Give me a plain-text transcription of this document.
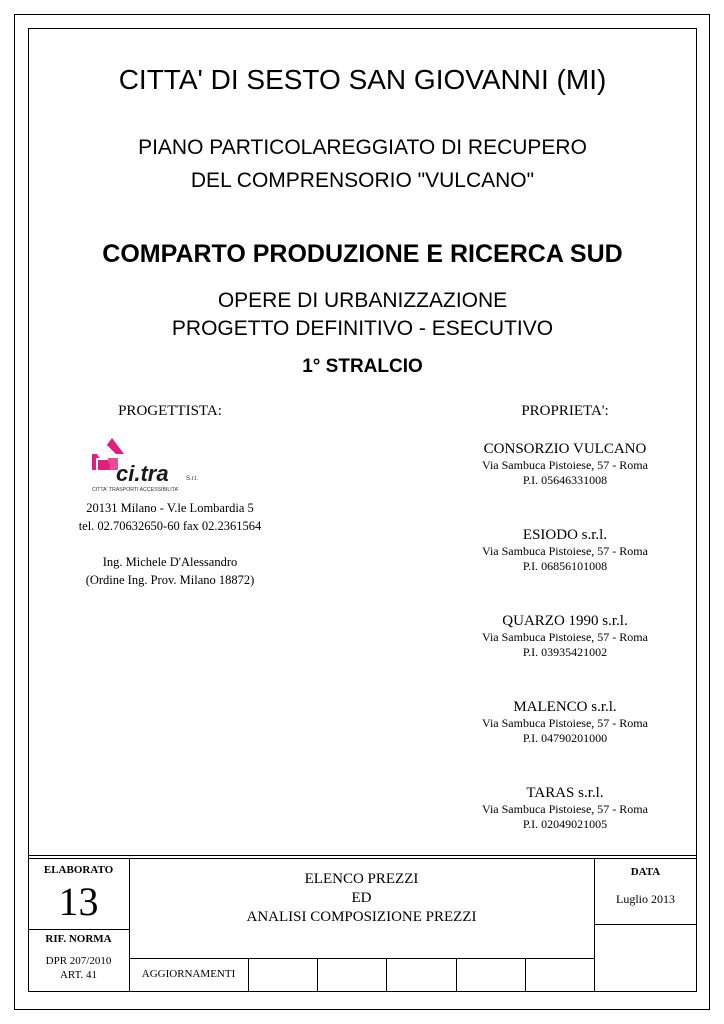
CITTA' DI SESTO SAN GIOVANNI (MI)
PIANO PARTICOLAREGGIATO DI RECUPERO
DEL COMPRENSORIO "VULCANO"
COMPARTO PRODUZIONE E RICERCA SUD
OPERE DI URBANIZZAZIONE
PROGETTO DEFINITIVO - ESECUTIVO
1° STRALCIO
PROGETTISTA:
ci.tra	S.r.l.
CITTA' TRASPORTI ACCESSIBILITA'
20131 Milano - V.le Lombardia 5
tel. 02.70632650-60 fax 02.2361564
Ing. Michele D'Alessandro
(Ordine Ing. Prov. Milano 18872)
PROPRIETA':
CONSORZIO VULCANO
Via Sambuca Pistoiese, 57 - Roma
P.I. 05646331008
ESIODO s.r.l.
Via Sambuca Pistoiese, 57 - Roma
P.I. 06856101008
QUARZO 1990 s.r.l.
Via Sambuca Pistoiese, 57 - Roma
P.I. 03935421002
MALENCO s.r.l.
Via Sambuca Pistoiese, 57 - Roma
P.I. 04790201000
TARAS s.r.l.
Via Sambuca Pistoiese, 57 - Roma
P.I. 02049021005
ELABORATO
13
RIF. NORMA
DPR 207/2010
ART. 41
ELENCO PREZZI
ED
ANALISI COMPOSIZIONE PREZZI
DATA
Luglio 2013
AGGIORNAMENTI
